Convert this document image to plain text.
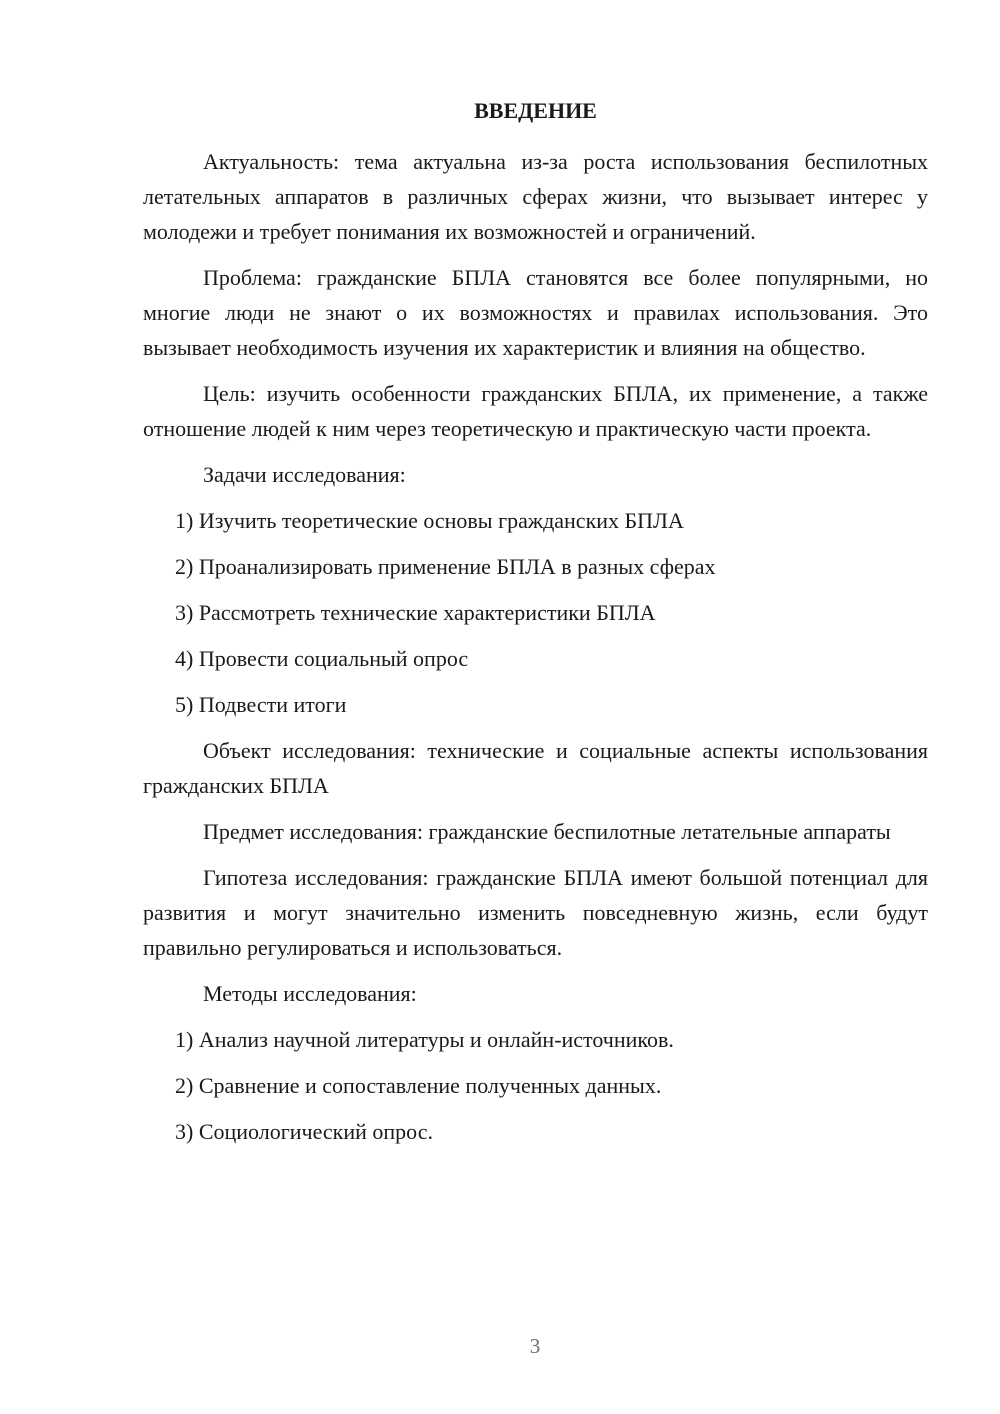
ВВЕДЕНИЕ

Актуальность: тема актуальна из-за роста использования беспилотных летательных аппаратов в различных сферах жизни, что вызывает интерес у молодежи и требует понимания их возможностей и ограничений.

Проблема: гражданские БПЛА становятся все более популярными, но многие люди не знают о их возможностях и правилах использования. Это вызывает необходимость изучения их характеристик и влияния на общество.

Цель: изучить особенности гражданских БПЛА, их применение, а также отношение людей к ним через теоретическую и практическую части проекта.

Задачи исследования:

1) Изучить теоретические основы гражданских БПЛА

2) Проанализировать применение БПЛА в разных сферах

3) Рассмотреть технические характеристики БПЛА

4) Провести социальный опрос

5) Подвести итоги

Объект исследования: технические и социальные аспекты использования гражданских БПЛА

Предмет исследования: гражданские беспилотные летательные аппараты

Гипотеза исследования: гражданские БПЛА имеют большой потенциал для развития и могут значительно изменить повседневную жизнь, если будут правильно регулироваться и использоваться.

Методы исследования:

1) Анализ научной литературы и онлайн-источников.

2) Сравнение и сопоставление полученных данных.

3) Социологический опрос.

3
